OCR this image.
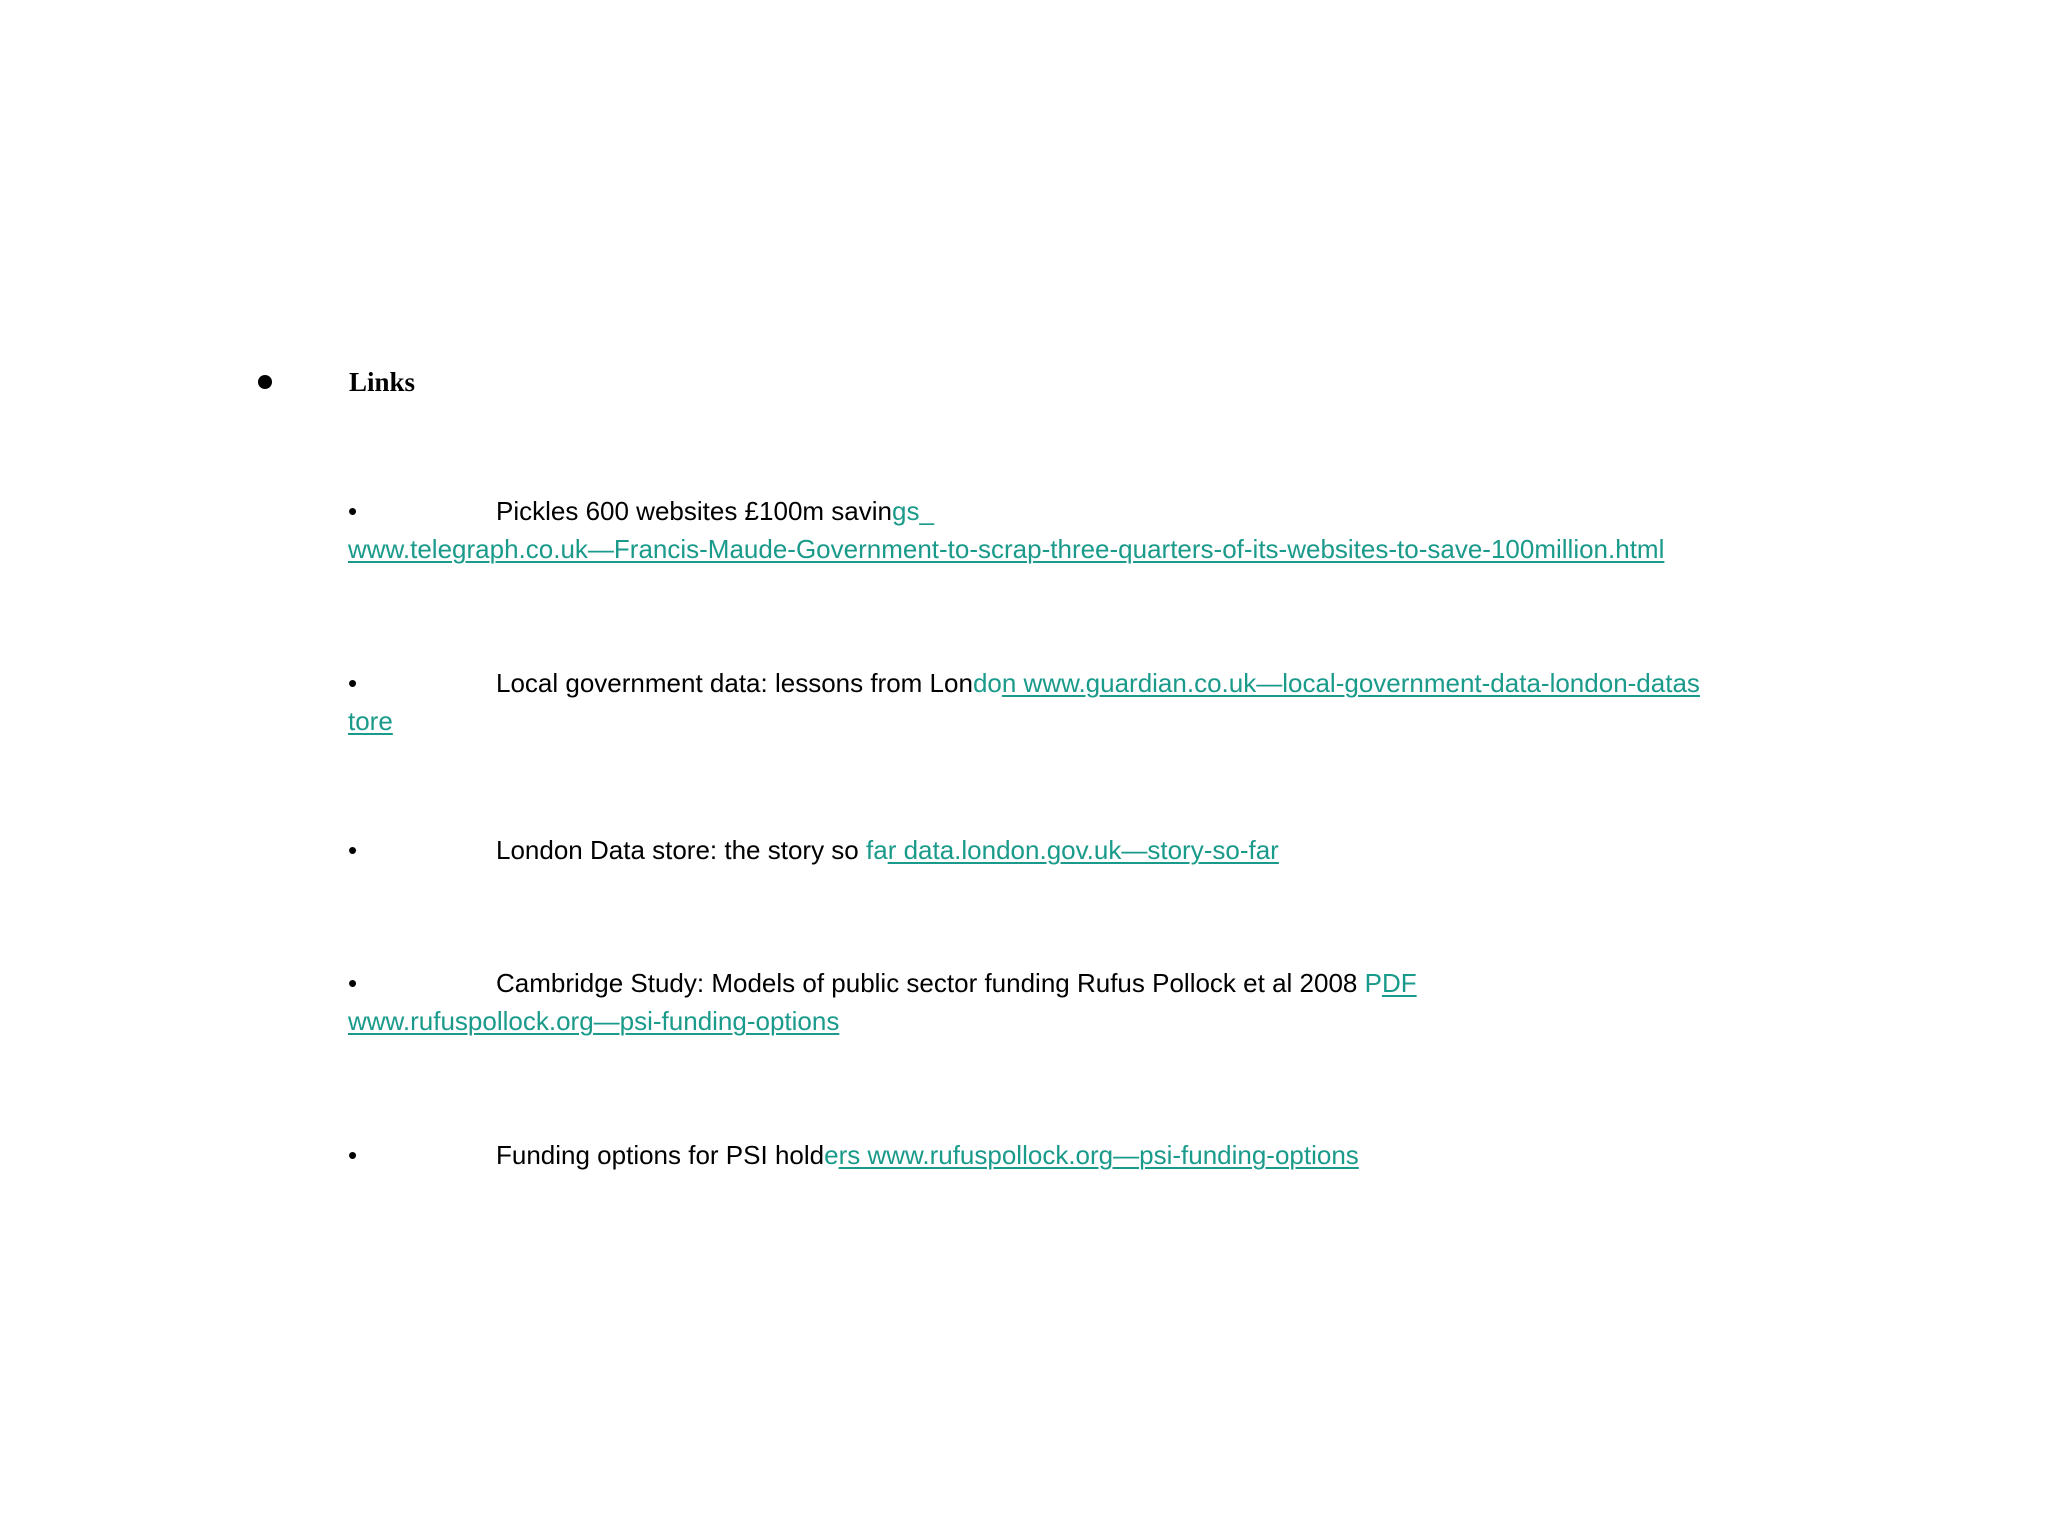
Links
•	Pickles 600 websites £100m savings_
www.telegraph.co.uk—Francis-Maude-Government-to-scrap-three-quarters-of-its-websites-to-save-100million.html
•	Local government data: lessons from London www.guardian.co.uk—local-government-data-london-datas
tore
•	London Data store: the story so far data.london.gov.uk—story-so-far
•	Cambridge Study: Models of public sector funding Rufus Pollock et al 2008 PDF
www.rufuspollock.org—psi-funding-options
•	Funding options for PSI holders www.rufuspollock.org—psi-funding-options
